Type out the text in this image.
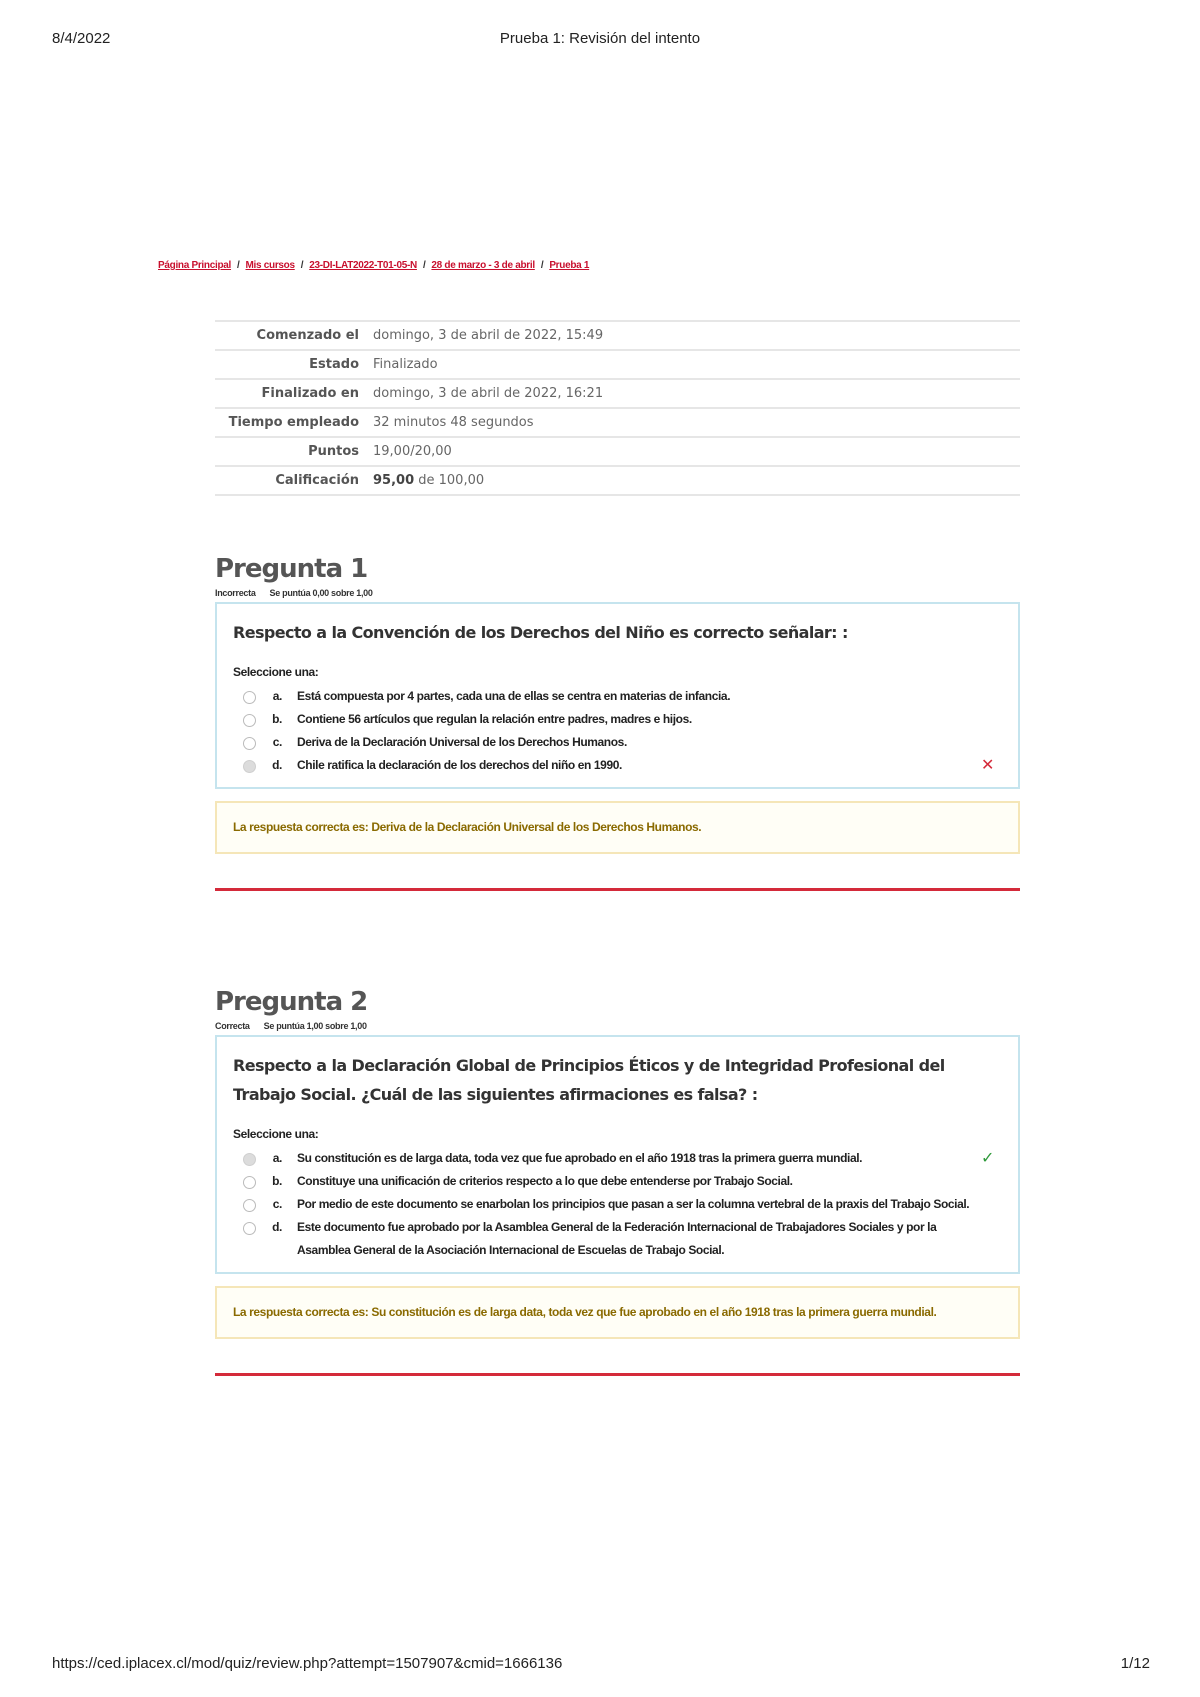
8/4/2022	Prueba 1: Revisión del intento
Página Principal / Mis cursos / 23-DI-LAT2022-T01-05-N / 28 de marzo - 3 de abril / Prueba 1
Comenzado el	domingo, 3 de abril de 2022, 15:49
Estado	Finalizado
Finalizado en	domingo, 3 de abril de 2022, 16:21
Tiempo empleado	32 minutos 48 segundos
Puntos	19,00/20,00
Calificación	95,00 de 100,00
Pregunta 1
Incorrecta Se puntúa 0,00 sobre 1,00
Respecto a la Convención de los Derechos del Niño es correcto señalar: :
Seleccione una:
a. Está compuesta por 4 partes, cada una de ellas se centra en materias de infancia.
b. Contiene 56 artículos que regulan la relación entre padres, madres e hijos.
c. Deriva de la Declaración Universal de los Derechos Humanos.
d. Chile ratifica la declaración de los derechos del niño en 1990.	✕
La respuesta correcta es: Deriva de la Declaración Universal de los Derechos Humanos.
Pregunta 2
Correcta Se puntúa 1,00 sobre 1,00
Respecto a la Declaración Global de Principios Éticos y de Integridad Profesional del Trabajo Social. ¿Cuál de las siguientes afirmaciones es falsa? :
Seleccione una:
a. Su constitución es de larga data, toda vez que fue aprobado en el año 1918 tras la primera guerra mundial.	✓
b. Constituye una unificación de criterios respecto a lo que debe entenderse por Trabajo Social.
c. Por medio de este documento se enarbolan los principios que pasan a ser la columna vertebral de la praxis del Trabajo Social.
d. Este documento fue aprobado por la Asamblea General de la Federación Internacional de Trabajadores Sociales y por la Asamblea General de la Asociación Internacional de Escuelas de Trabajo Social.
La respuesta correcta es: Su constitución es de larga data, toda vez que fue aprobado en el año 1918 tras la primera guerra mundial.
https://ced.iplacex.cl/mod/quiz/review.php?attempt=1507907&cmid=1666136	1/12
